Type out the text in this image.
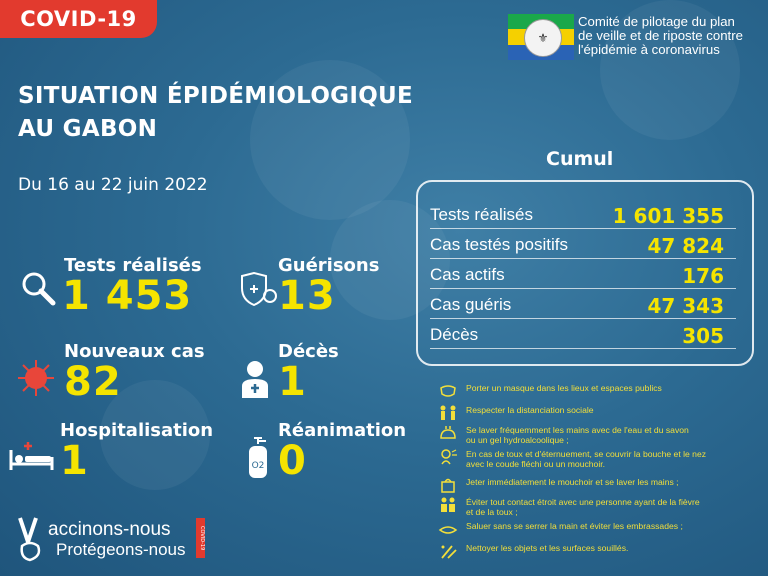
COVID-19
⚜
Comité de pilotage du plan
de veille et de riposte contre
l'épidémie à coronavirus
SITUATION ÉPIDÉMIOLOGIQUE
AU GABON
Du 16 au 22 juin 2022
Tests réalisés
1 453
Guérisons
13
Nouveaux cas
82
Décès
1
Hospitalisation
1	O2
Réanimation
0
Cumul
Tests réalisés	1 601 355
Cas testés positifs	47 824
Cas actifs	176
Cas guéris	47 343
Décès	305
Porter un masque dans les lieux et espaces publics
Respecter la distanciation sociale
Se laver fréquemment les mains avec de l'eau et du savon
ou un gel hydroalcoolique ;
En cas de toux et d'éternuement, se couvrir la bouche et le nez
avec le coude fléchi ou un mouchoir.
Jeter immédiatement le mouchoir et se laver les mains ;
Éviter tout contact étroit avec une personne ayant de la fièvre
et de la toux ;
Saluer sans se serrer la main et éviter les embrassades ;
Nettoyer les objets et les surfaces souillés.
accinons-nous
Protégeons-nous	COVID-19
